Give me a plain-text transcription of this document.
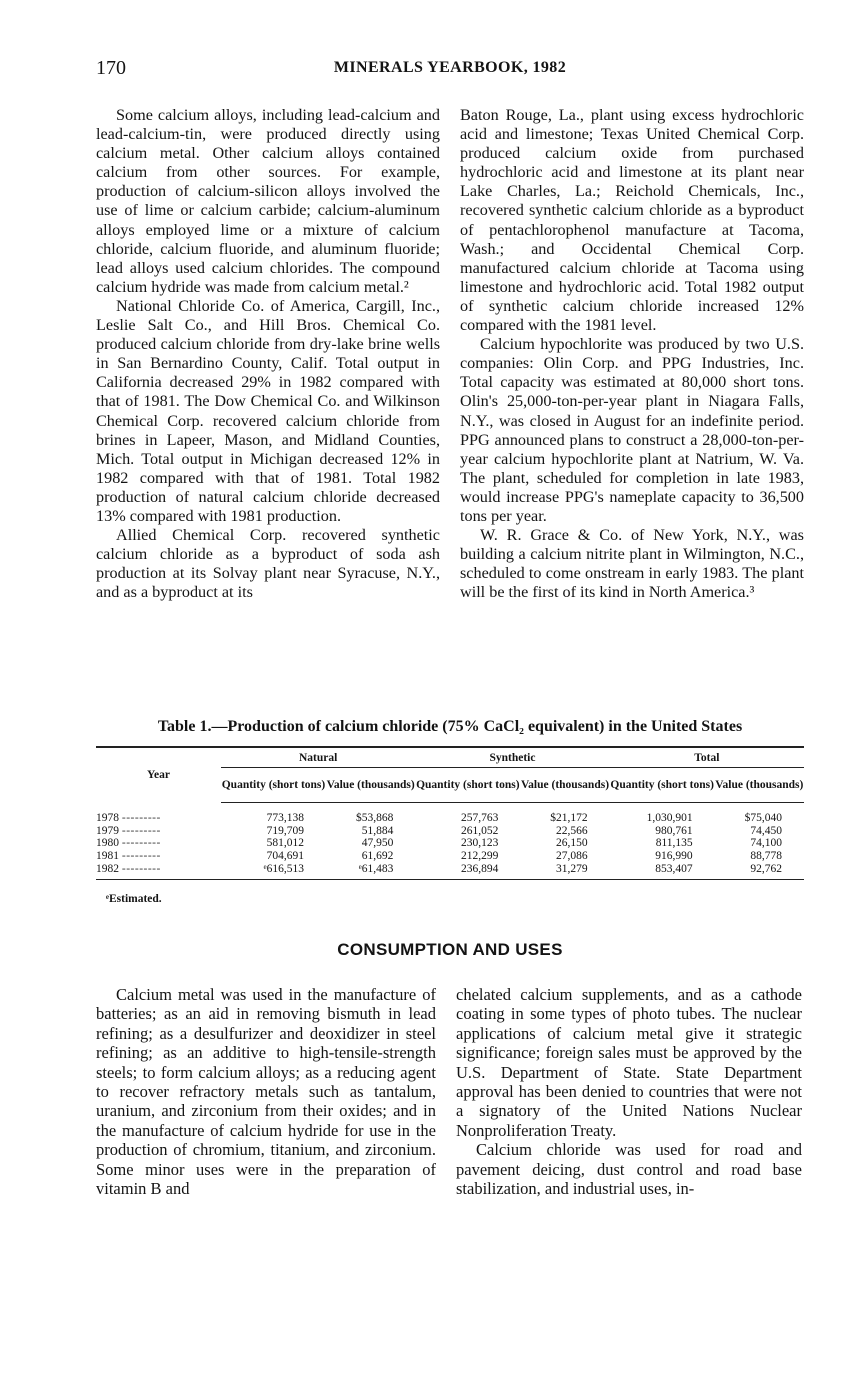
170	MINERALS YEARBOOK, 1982

Some calcium alloys, including lead-calcium and lead-calcium-tin, were produced directly using calcium metal. Other calcium alloys contained calcium from other sources. For example, production of calcium-silicon alloys involved the use of lime or calcium carbide; calcium-aluminum alloys employed lime or a mixture of calcium chloride, calcium fluoride, and aluminum fluoride; lead alloys used calcium chlorides. The compound calcium hydride was made from calcium metal.²

National Chloride Co. of America, Cargill, Inc., Leslie Salt Co., and Hill Bros. Chemical Co. produced calcium chloride from dry-lake brine wells in San Bernardino County, Calif. Total output in California decreased 29% in 1982 compared with that of 1981. The Dow Chemical Co. and Wilkinson Chemical Corp. recovered calcium chloride from brines in Lapeer, Mason, and Midland Counties, Mich. Total output in Michigan decreased 12% in 1982 compared with that of 1981. Total 1982 production of natural calcium chloride decreased 13% compared with 1981 production.

Allied Chemical Corp. recovered synthetic calcium chloride as a byproduct of soda ash production at its Solvay plant near Syracuse, N.Y., and as a byproduct at its

Baton Rouge, La., plant using excess hydrochloric acid and limestone; Texas United Chemical Corp. produced calcium oxide from purchased hydrochloric acid and limestone at its plant near Lake Charles, La.; Reichold Chemicals, Inc., recovered synthetic calcium chloride as a byproduct of pentachlorophenol manufacture at Tacoma, Wash.; and Occidental Chemical Corp. manufactured calcium chloride at Tacoma using limestone and hydrochloric acid. Total 1982 output of synthetic calcium chloride increased 12% compared with the 1981 level.

Calcium hypochlorite was produced by two U.S. companies: Olin Corp. and PPG Industries, Inc. Total capacity was estimated at 80,000 short tons. Olin's 25,000-ton-per-year plant in Niagara Falls, N.Y., was closed in August for an indefinite period. PPG announced plans to construct a 28,000-ton-per-year calcium hypochlorite plant at Natrium, W. Va. The plant, scheduled for completion in late 1983, would increase PPG's nameplate capacity to 36,500 tons per year.

W. R. Grace & Co. of New York, N.Y., was building a calcium nitrite plant in Wilmington, N.C., scheduled to come onstream in early 1983. The plant will be the first of its kind in North America.³

Table 1.—Production of calcium chloride (75% CaCl₂ equivalent) in the United States
Year	Natural		Synthetic		Total	
	Quantity (short tons)	Value (thousands)	Quantity (short tons)	Value (thousands)	Quantity (short tons)	Value (thousands)
1978 ---------	773,138	$53,868	257,763	$21,172	1,030,901	$75,040
1979 ---------	719,709	51,884	261,052	22,566	980,761	74,450
1980 ---------	581,012	47,950	230,123	26,150	811,135	74,100
1981 ---------	704,691	61,692	212,299	27,086	916,990	88,778
1982 ---------	ᵉ616,513	ᵉ61,483	236,894	31,279	853,407	92,762
ᵉEstimated.
CONSUMPTION AND USES

Calcium metal was used in the manufacture of batteries; as an aid in removing bismuth in lead refining; as a desulfurizer and deoxidizer in steel refining; as an additive to high-tensile-strength steels; to form calcium alloys; as a reducing agent to recover refractory metals such as tantalum, uranium, and zirconium from their oxides; and in the manufacture of calcium hydride for use in the production of chromium, titanium, and zirconium. Some minor uses were in the preparation of vitamin B and

chelated calcium supplements, and as a cathode coating in some types of photo tubes. The nuclear applications of calcium metal give it strategic significance; foreign sales must be approved by the U.S. Department of State. State Department approval has been denied to countries that were not a signatory of the United Nations Nuclear Nonproliferation Treaty.

Calcium chloride was used for road and pavement deicing, dust control and road base stabilization, and industrial uses, in-
